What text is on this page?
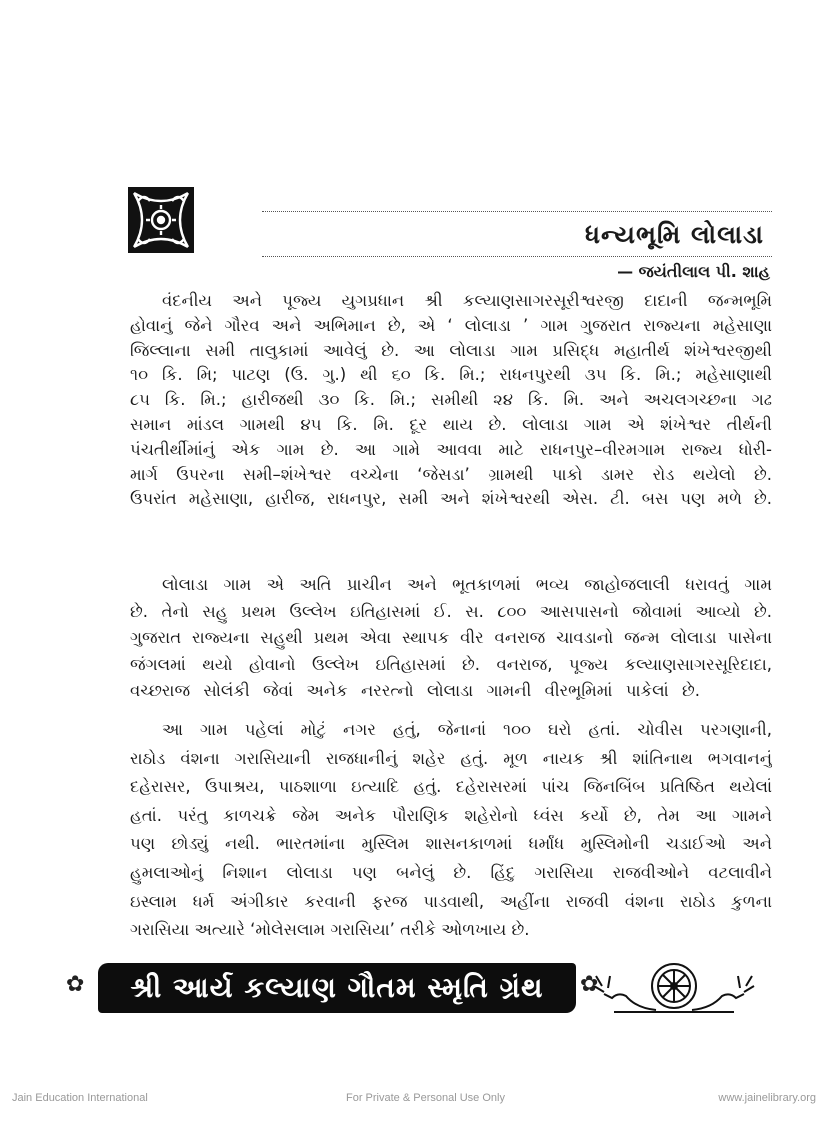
ધન્યભૂમિ લોલાડા
— જયંતીલાલ પી. શાહ
વંદનીય અને પૂજ્ય યુગપ્રધાન શ્રી કલ્યાણસાગરસૂરીશ્વરજી દાદાની જન્મભૂમિ
હોવાનું જેને ગૌરવ અને અભિમાન છે, એ ‘ લોલાડા ’ ગામ ગુજરાત રાજ્યના મહેસાણા
જિલ્લાના સમી તાલુકામાં આવેલું છે. આ લોલાડા ગામ પ્રસિદ્ધ મહાતીર્થ શંખેશ્વરજીથી
૧૦ કિ. મિ; પાટણ (ઉ. ગુ.) થી ૬૦ કિ. મિ.; રાધનપુરથી ૩૫ કિ. મિ.; મહેસાણાથી
૮૫ કિ. મિ.; હારીજથી ૩૦ કિ. મિ.; સમીથી ૨૪ કિ. મિ. અને અચલગચ્છના ગઢ
સમાન માંડલ ગામથી ૪૫ કિ. મિ. દૂર થાય છે. લોલાડા ગામ એ શંખેશ્વર તીર્થની
પંચતીર્થીમાંનું એક ગામ છે. આ ગામે આવવા માટે રાધનપુર–વીરમગામ રાજ્ય ધોરી-
માર્ગ ઉપરના સમી–શંખેશ્વર વચ્ચેના ‘જેસડા’ ગ્રામથી પાકો ડામર રોડ થયેલો છે.
ઉપરાંત મહેસાણા, હારીજ, રાધનપુર, સમી અને શંખેશ્વરથી એસ. ટી. બસ પણ મળે છે.
લોલાડા ગામ એ અતિ પ્રાચીન અને ભૂતકાળમાં ભવ્ય જાહોજલાલી ધરાવતું ગામ
છે. તેનો સહુ પ્રથમ ઉલ્લેખ ઇતિહાસમાં ઈ. સ. ૮૦૦ આસપાસનો જોવામાં આવ્યો છે.
ગુજરાત રાજ્યના સહુથી પ્રથમ એવા સ્થાપક વીર વનરાજ ચાવડાનો જન્મ લોલાડા પાસેના
જંગલમાં થયો હોવાનો ઉલ્લેખ ઇતિહાસમાં છે. વનરાજ, પૂજ્ય કલ્યાણસાગરસૂરિદાદા,
વચ્છરાજ સોલંકી જેવાં અનેક નરરત્નો લોલાડા ગામની વીરભૂમિમાં પાકેલાં છે.
આ ગામ પહેલાં મોટું નગર હતું, જેનાનાં ૧૦૦ ઘરો હતાં. ચોવીસ પરગણાની,
રાઠોડ વંશના ગરાસિયાની રાજધાનીનું શહેર હતું. મૂળ નાયક શ્રી શાંતિનાથ ભગવાનનું
દહેરાસર, ઉપાશ્રય, પાઠશાળા ઇત્યાદિ હતું. દહેરાસરમાં પાંચ જિનબિંબ પ્રતિષ્ઠિત થયેલાં
હતાં. પરંતુ કાળચક્રે જેમ અનેક પૌરાણિક શહેરોનો ધ્વંસ કર્યો છે, તેમ આ ગામને
પણ છોડ્યું નથી. ભારતમાંના મુસ્લિમ શાસનકાળમાં ધર્માંધ મુસ્લિમોની ચડાઈઓ અને
હુમલાઓનું નિશાન લોલાડા પણ બનેલું છે. હિંદુ ગરાસિયા રાજવીઓને વટલાવીને
ઇસ્લામ ધર્મ અંગીકાર કરવાની ફરજ પાડવાથી, અહીંના રાજવી વંશના રાઠોડ કુળના
ગરાસિયા અત્યારે ‘મોલેસલામ ગરાસિયા’ તરીકે ઓળખાય છે.
✿ શ્રી આર્ય કલ્યાણ ગૌતમ સ્મૃતિ ગ્રંથ ✿
Jain Education International	For Private & Personal Use Only	www.jainelibrary.org
